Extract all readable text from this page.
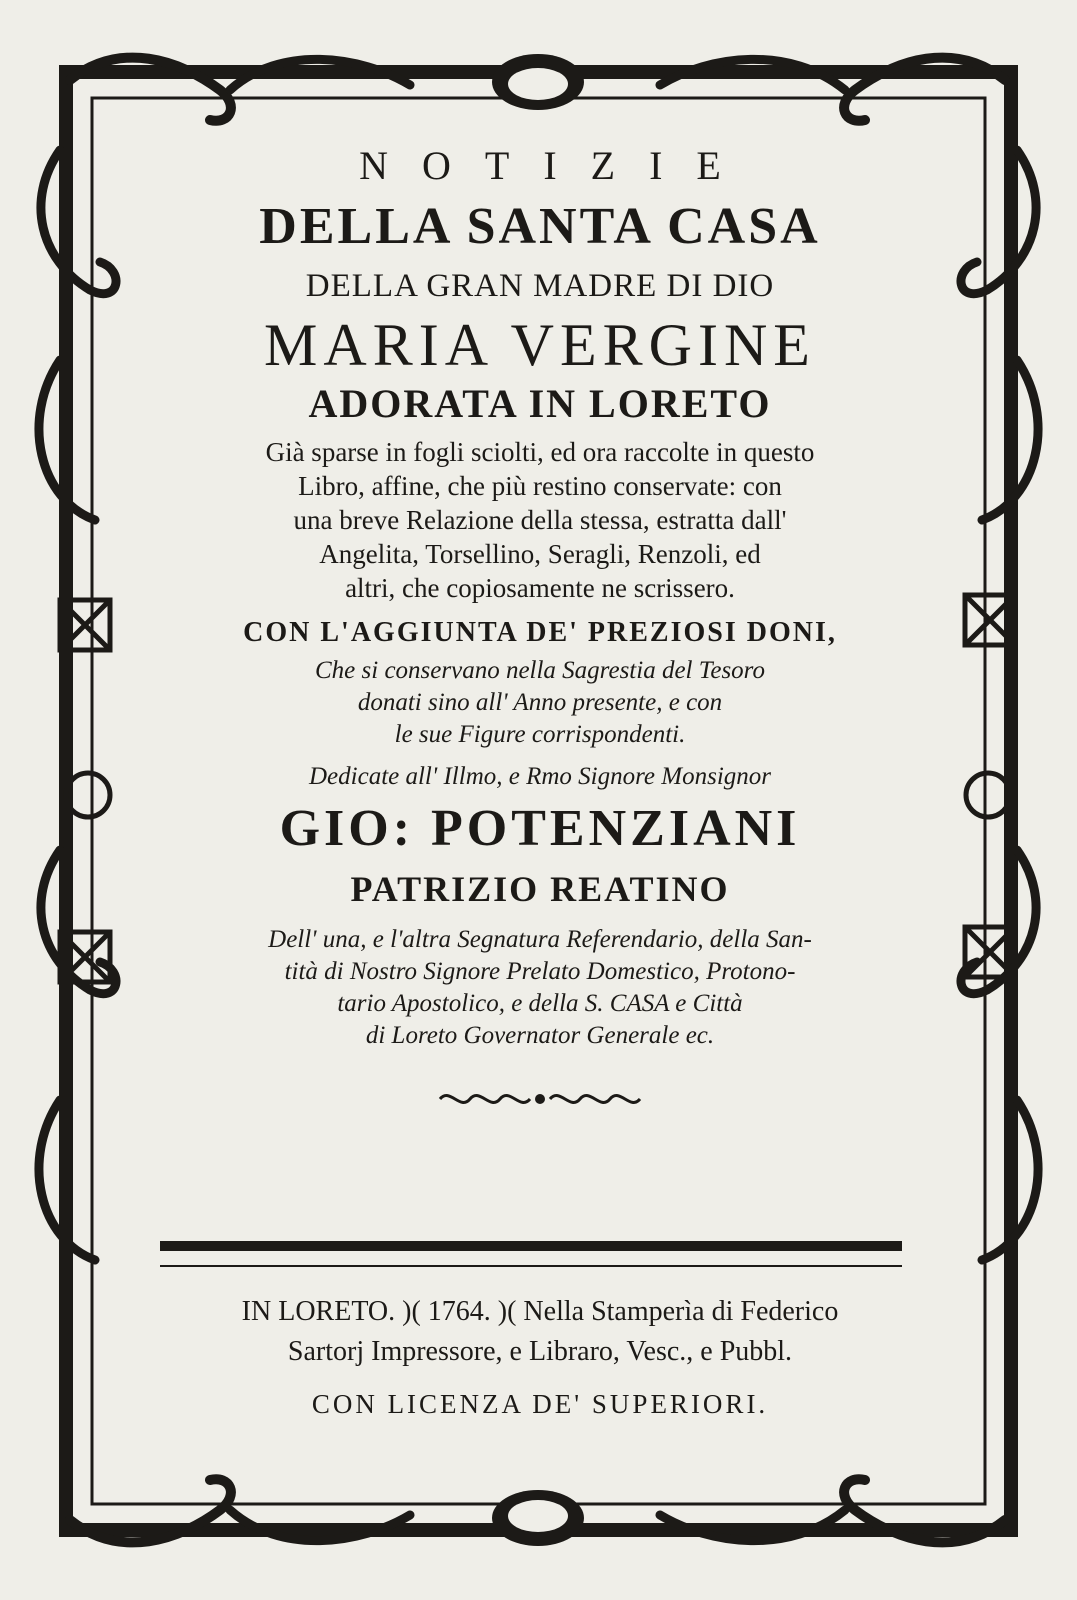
NOTIZIE
DELLA SANTA CASA
DELLA GRAN MADRE DI DIO
MARIA VERGINE
ADORATA IN LORETO
Già sparse in fogli sciolti, ed ora raccolte in questo
Libro, affine, che più restino conservate: con
una breve Relazione della stessa, estratta dall'
Angelita, Torsellino, Seragli, Renzoli, ed
altri, che copiosamente ne scrissero.
CON L'AGGIUNTA DE' PREZIOSI DONI,
Che si conservano nella Sagrestia del Tesoro
donati sino all' Anno presente, e con
le sue Figure corrispondenti.
Dedicate all' Illmo, e Rmo Signore Monsignor
GIO: POTENZIANI
PATRIZIO REATINO
Dell' una, e l'altra Segnatura Referendario, della San-
tità di Nostro Signore Prelato Domestico, Protono-
tario Apostolico, e della S. CASA e Città
di Loreto Governator Generale ec.
IN LORETO. )( 1764. )( Nella Stamperìa di Federico
Sartorj Impressore, e Libraro, Vesc., e Pubbl.
CON LICENZA DE' SUPERIORI.
